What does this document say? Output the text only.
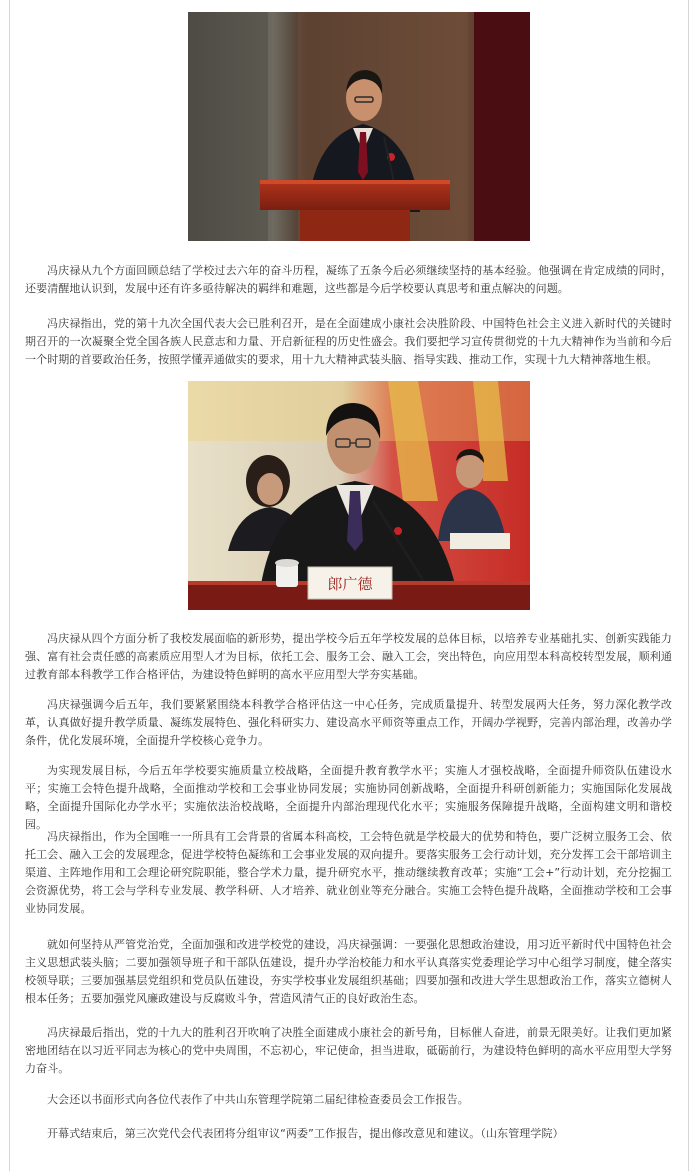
冯庆禄从九个方面回顾总结了学校过去六年的奋斗历程，凝练了五条今后必须继续坚持的基本经验。他强调在肯定成绩的同时，还要清醒地认识到，发展中还有许多亟待解决的羁绊和难题，这些都是今后学校要认真思考和重点解决的问题。

冯庆禄指出，党的第十九次全国代表大会已胜利召开，是在全面建成小康社会决胜阶段、中国特色社会主义进入新时代的关键时期召开的一次凝聚全党全国各族人民意志和力量、开启新征程的历史性盛会。我们要把学习宣传贯彻党的十九大精神作为当前和今后一个时期的首要政治任务，按照学懂弄通做实的要求，用十九大精神武装头脑、指导实践、推动工作，实现十九大精神落地生根。

郎广德

冯庆禄从四个方面分析了我校发展面临的新形势，提出学校今后五年学校发展的总体目标，以培养专业基础扎实、创新实践能力强、富有社会责任感的高素质应用型人才为目标，依托工会、服务工会、融入工会，突出特色，向应用型本科高校转型发展，顺利通过教育部本科教学工作合格评估，为建设特色鲜明的高水平应用型大学夯实基础。

冯庆禄强调今后五年，我们要紧紧围绕本科教学合格评估这一中心任务，完成质量提升、转型发展两大任务，努力深化教学改革，认真做好提升教学质量、凝练发展特色、强化科研实力、建设高水平师资等重点工作，开阔办学视野，完善内部治理，改善办学条件，优化发展环境，全面提升学校核心竞争力。

为实现发展目标，今后五年学校要实施质量立校战略，全面提升教育教学水平；实施人才强校战略，全面提升师资队伍建设水平；实施工会特色提升战略，全面推动学校和工会事业协同发展；实施协同创新战略，全面提升科研创新能力；实施国际化发展战略，全面提升国际化办学水平；实施依法治校战略，全面提升内部治理现代化水平；实施服务保障提升战略，全面构建文明和谐校园。

冯庆禄指出，作为全国唯一一所具有工会背景的省属本科高校，工会特色就是学校最大的优势和特色，要广泛树立服务工会、依托工会、融入工会的发展理念，促进学校特色凝练和工会事业发展的双向提升。要落实服务工会行动计划，充分发挥工会干部培训主渠道、主阵地作用和工会理论研究院职能，整合学术力量，提升研究水平，推动继续教育改革；实施“工会+”行动计划，充分挖掘工会资源优势，将工会与学科专业发展、教学科研、人才培养、就业创业等充分融合。实施工会特色提升战略，全面推动学校和工会事业协同发展。

就如何坚持从严管党治党，全面加强和改进学校党的建设，冯庆禄强调：一要强化思想政治建设，用习近平新时代中国特色社会主义思想武装头脑；二要加强领导班子和干部队伍建设，提升办学治校能力和水平认真落实党委理论学习中心组学习制度，健全落实校领导联；三要加强基层党组织和党员队伍建设，夯实学校事业发展组织基础；四要加强和改进大学生思想政治工作，落实立德树人根本任务；五要加强党风廉政建设与反腐败斗争，营造风清气正的良好政治生态。

冯庆禄最后指出，党的十九大的胜利召开吹响了决胜全面建成小康社会的新号角，目标催人奋进，前景无限美好。让我们更加紧密地团结在以习近平同志为核心的党中央周围，不忘初心，牢记使命，担当进取，砥砺前行，为建设特色鲜明的高水平应用型大学努力奋斗。

大会还以书面形式向各位代表作了中共山东管理学院第二届纪律检查委员会工作报告。

开幕式结束后，第三次党代会代表团将分组审议“两委”工作报告，提出修改意见和建议。（山东管理学院）
